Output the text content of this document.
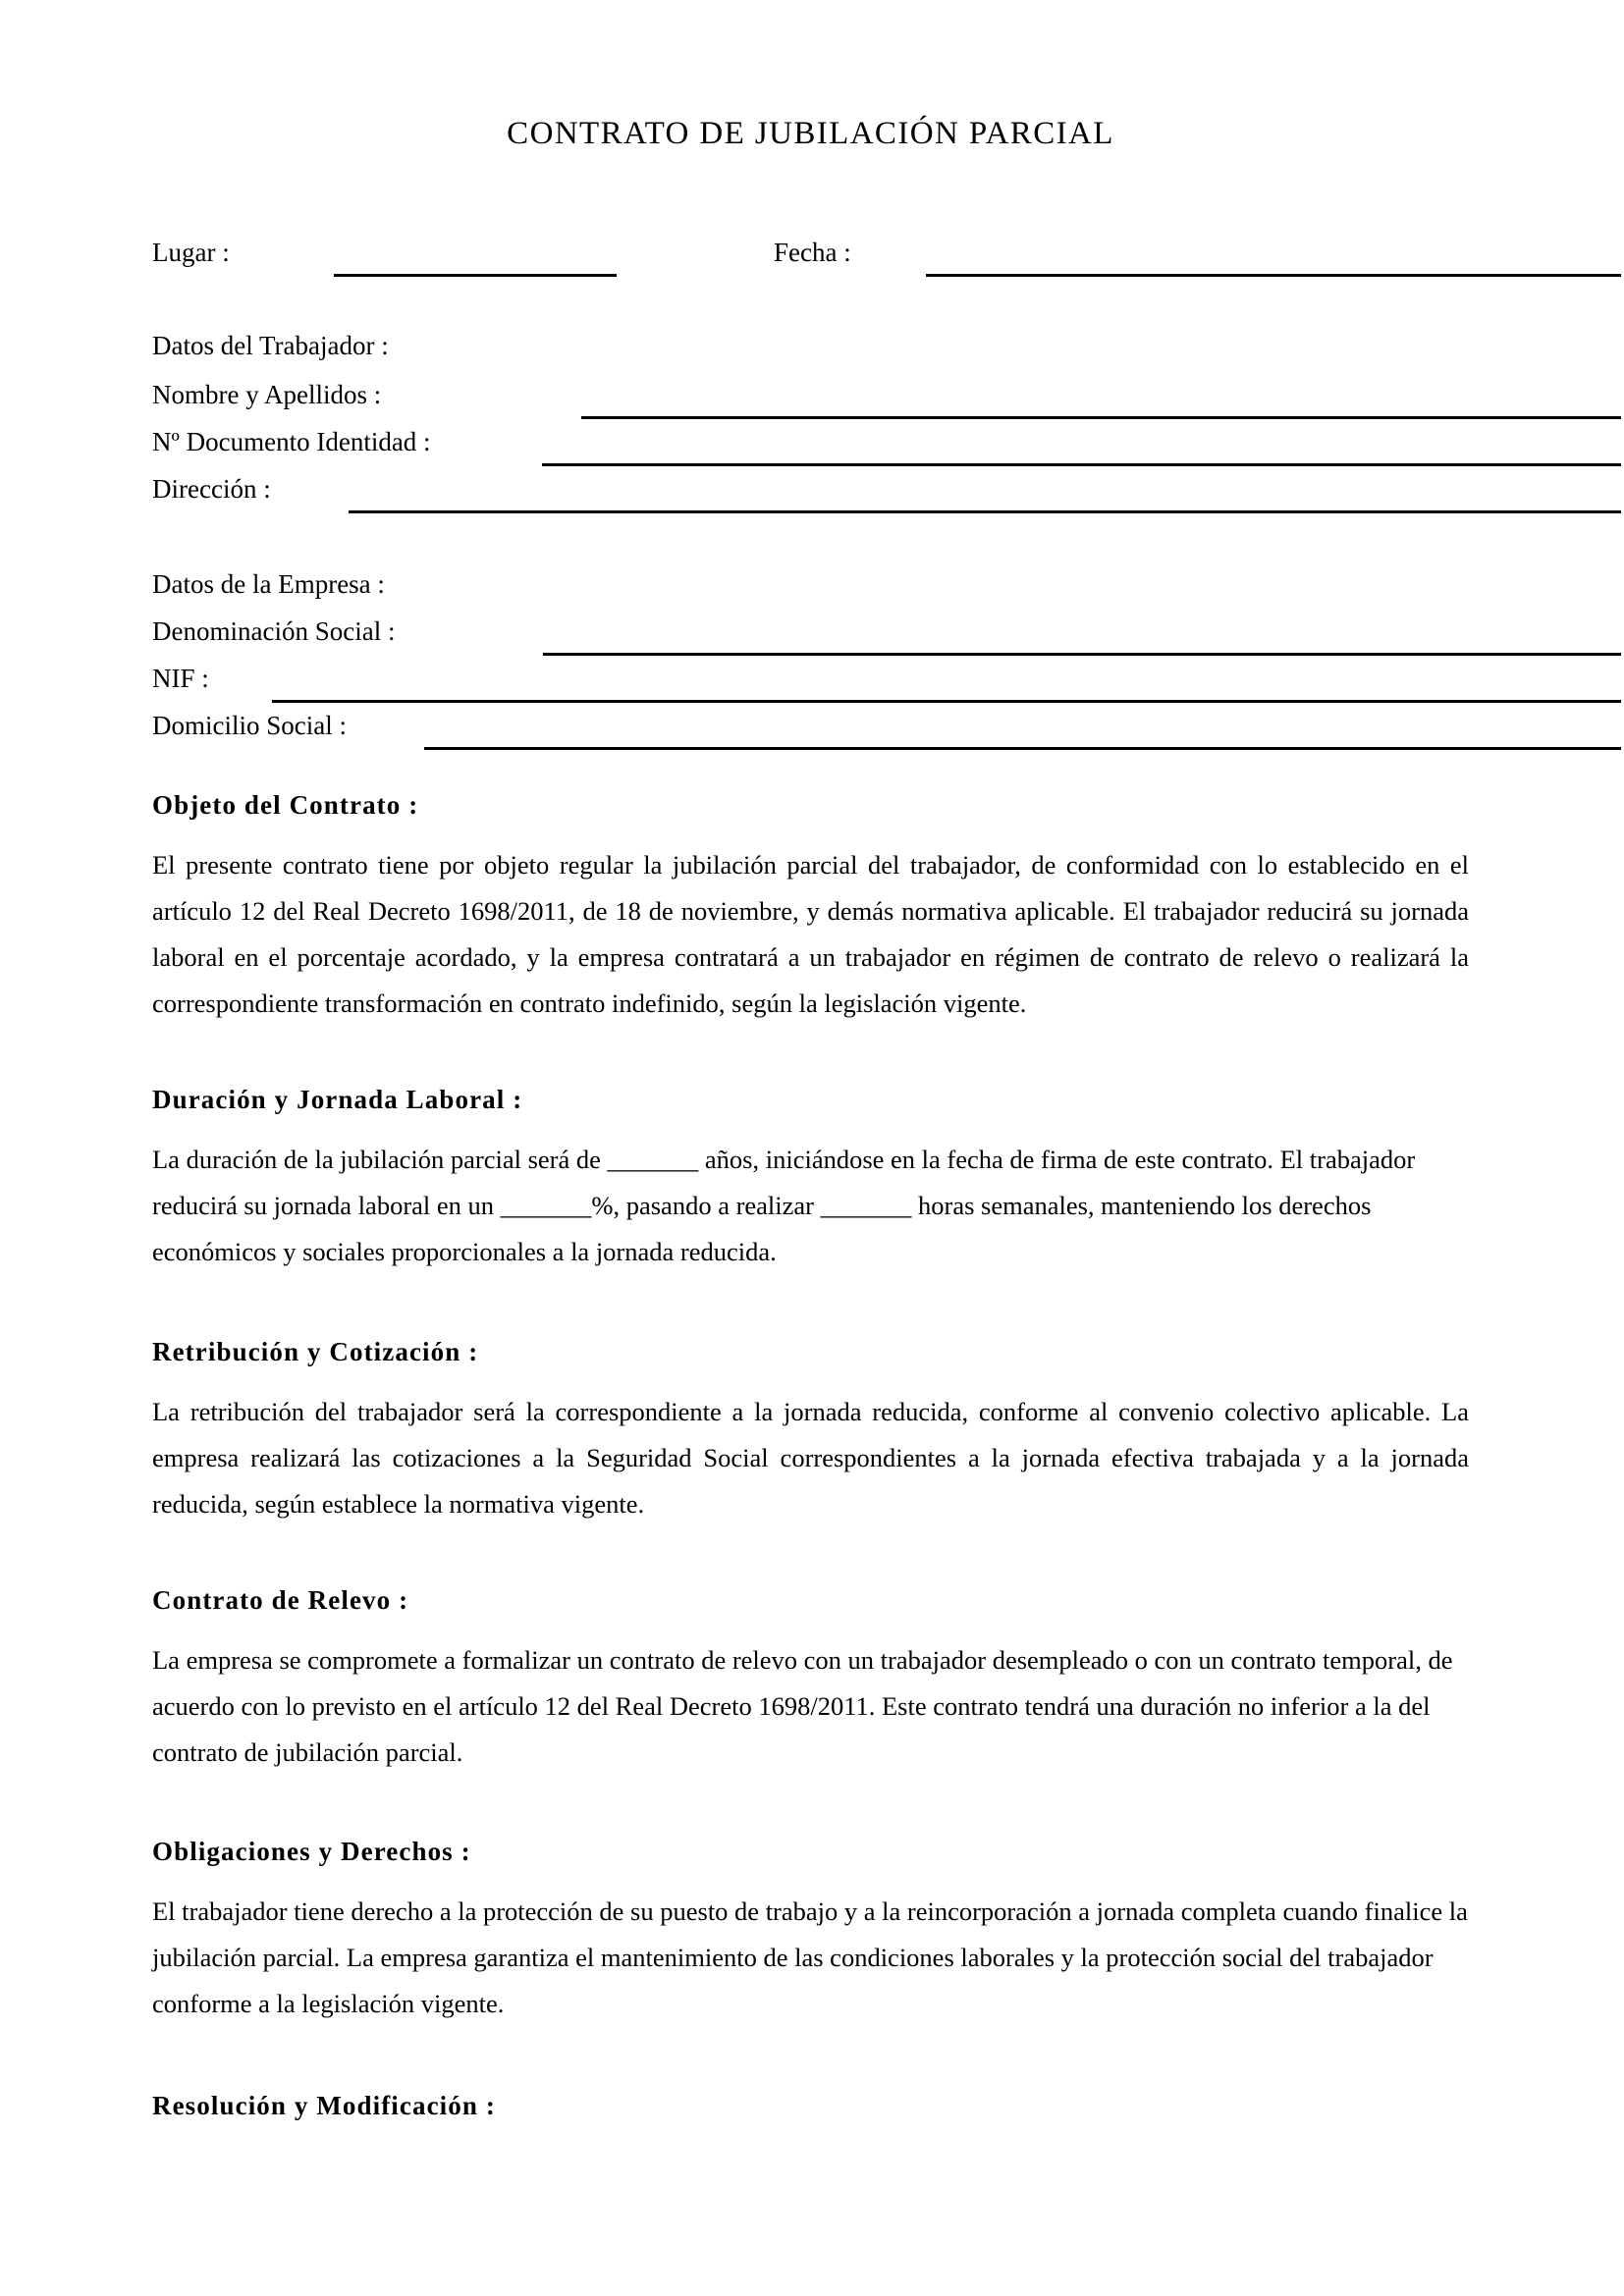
CONTRATO DE JUBILACIÓN PARCIAL
Lugar :	Fecha :
Datos del Trabajador :
Nombre y Apellidos :
Nº Documento Identidad :
Dirección :
Datos de la Empresa :
Denominación Social :
NIF :
Domicilio Social :
Objeto del Contrato :

El presente contrato tiene por objeto regular la jubilación parcial del trabajador, de conformidad con lo establecido en el artículo 12 del Real Decreto 1698/2011, de 18 de noviembre, y demás normativa aplicable. El trabajador reducirá su jornada laboral en el porcentaje acordado, y la empresa contratará a un trabajador en régimen de contrato de relevo o realizará la correspondiente transformación en contrato indefinido, según la legislación vigente.

Duración y Jornada Laboral :

La duración de la jubilación parcial será de _______ años, iniciándose en la fecha de firma de este contrato. El trabajador reducirá su jornada laboral en un _______%, pasando a realizar _______ horas semanales, manteniendo los derechos económicos y sociales proporcionales a la jornada reducida.

Retribución y Cotización :

La retribución del trabajador será la correspondiente a la jornada reducida, conforme al convenio colectivo aplicable. La empresa realizará las cotizaciones a la Seguridad Social correspondientes a la jornada efectiva trabajada y a la jornada reducida, según establece la normativa vigente.

Contrato de Relevo :

La empresa se compromete a formalizar un contrato de relevo con un trabajador desempleado o con un contrato temporal, de acuerdo con lo previsto en el artículo 12 del Real Decreto 1698/2011. Este contrato tendrá una duración no inferior a la del contrato de jubilación parcial.

Obligaciones y Derechos :

El trabajador tiene derecho a la protección de su puesto de trabajo y a la reincorporación a jornada completa cuando finalice la jubilación parcial. La empresa garantiza el mantenimiento de las condiciones laborales y la protección social del trabajador conforme a la legislación vigente.

Resolución y Modificación :
